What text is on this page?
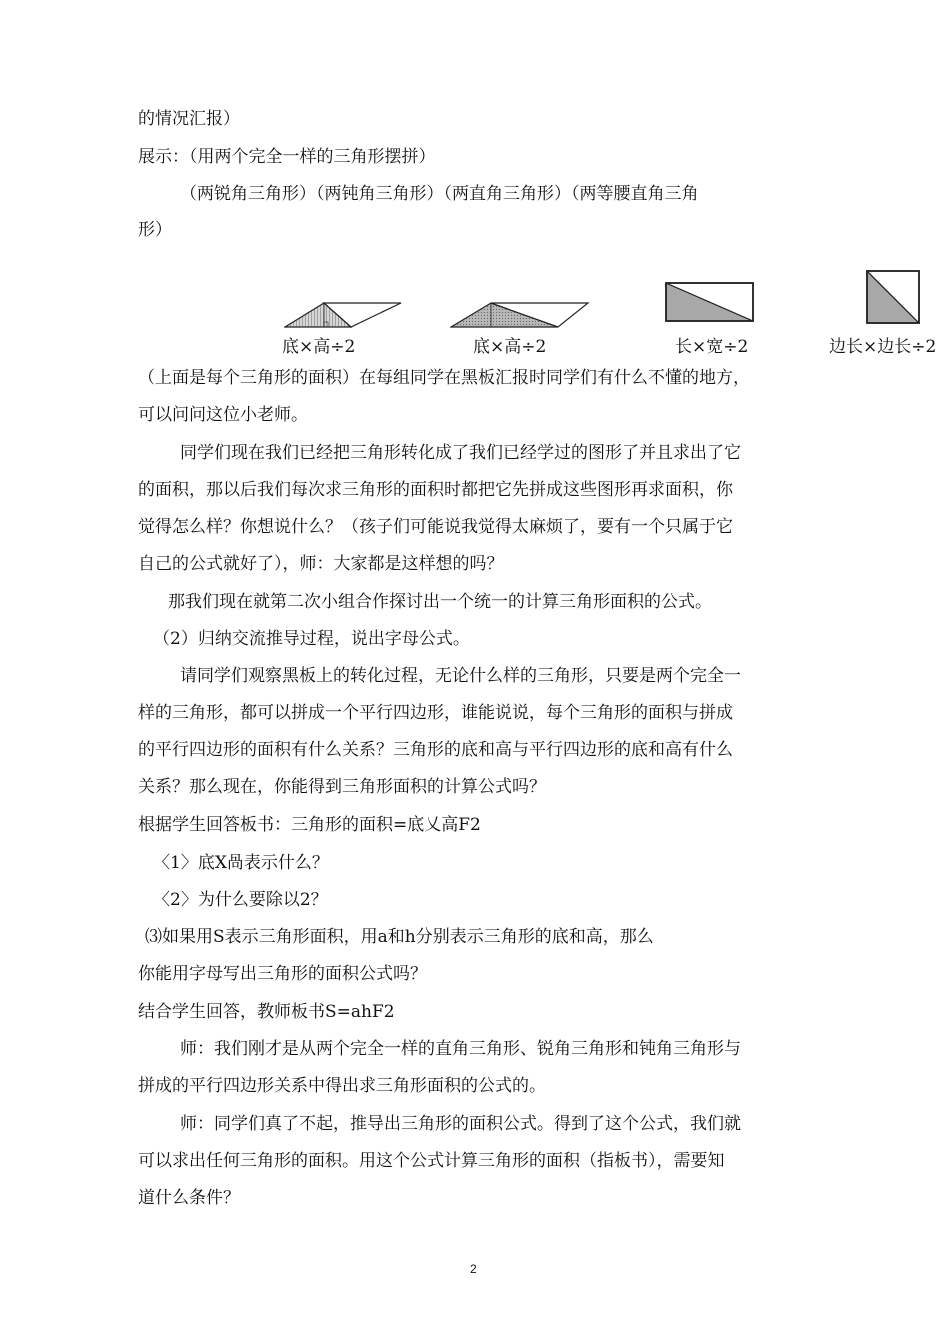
的情况汇报）
展示：（用两个完全一样的三角形摆拼）
（两锐角三角形）（两钝角三角形）（两直角三角形）（两等腰直角三角
形）
底×高÷2	底×高÷2	长×宽÷2	边长×边长÷2
（上面是每个三角形的面积）在每组同学在黑板汇报时同学们有什么不懂的地方，
可以问问这位小老师。
同学们现在我们已经把三角形转化成了我们已经学过的图形了并且求出了它
的面积，那以后我们每次求三角形的面积时都把它先拼成这些图形再求面积，你
觉得怎么样？你想说什么？（孩子们可能说我觉得太麻烦了，要有一个只属于它
自己的公式就好了），师：大家都是这样想的吗？
那我们现在就第二次小组合作探讨出一个统一的计算三角形面积的公式。
（2）归纳交流推导过程，说出字母公式。
请同学们观察黑板上的转化过程，无论什么样的三角形，只要是两个完全一
样的三角形，都可以拼成一个平行四边形，谁能说说，每个三角形的面积与拼成
的平行四边形的面积有什么关系？三角形的底和高与平行四边形的底和高有什么
关系？那么现在，你能得到三角形面积的计算公式吗？
根据学生回答板书：三角形的面积=底乂高F2
〈1〉底X咼表示什么？
〈2〉为什么要除以2？
⑶如果用S表示三角形面积，用a和h分别表示三角形的底和高，那么
你能用字母写出三角形的面积公式吗？
结合学生回答，教师板书S=ahF2
师：我们刚才是从两个完全一样的直角三角形、锐角三角形和钝角三角形与
拼成的平行四边形关系中得出求三角形面积的公式的。
师：同学们真了不起，推导出三角形的面积公式。得到了这个公式，我们就
可以求出任何三角形的面积。用这个公式计算三角形的面积（指板书），需要知
道什么条件？
2
